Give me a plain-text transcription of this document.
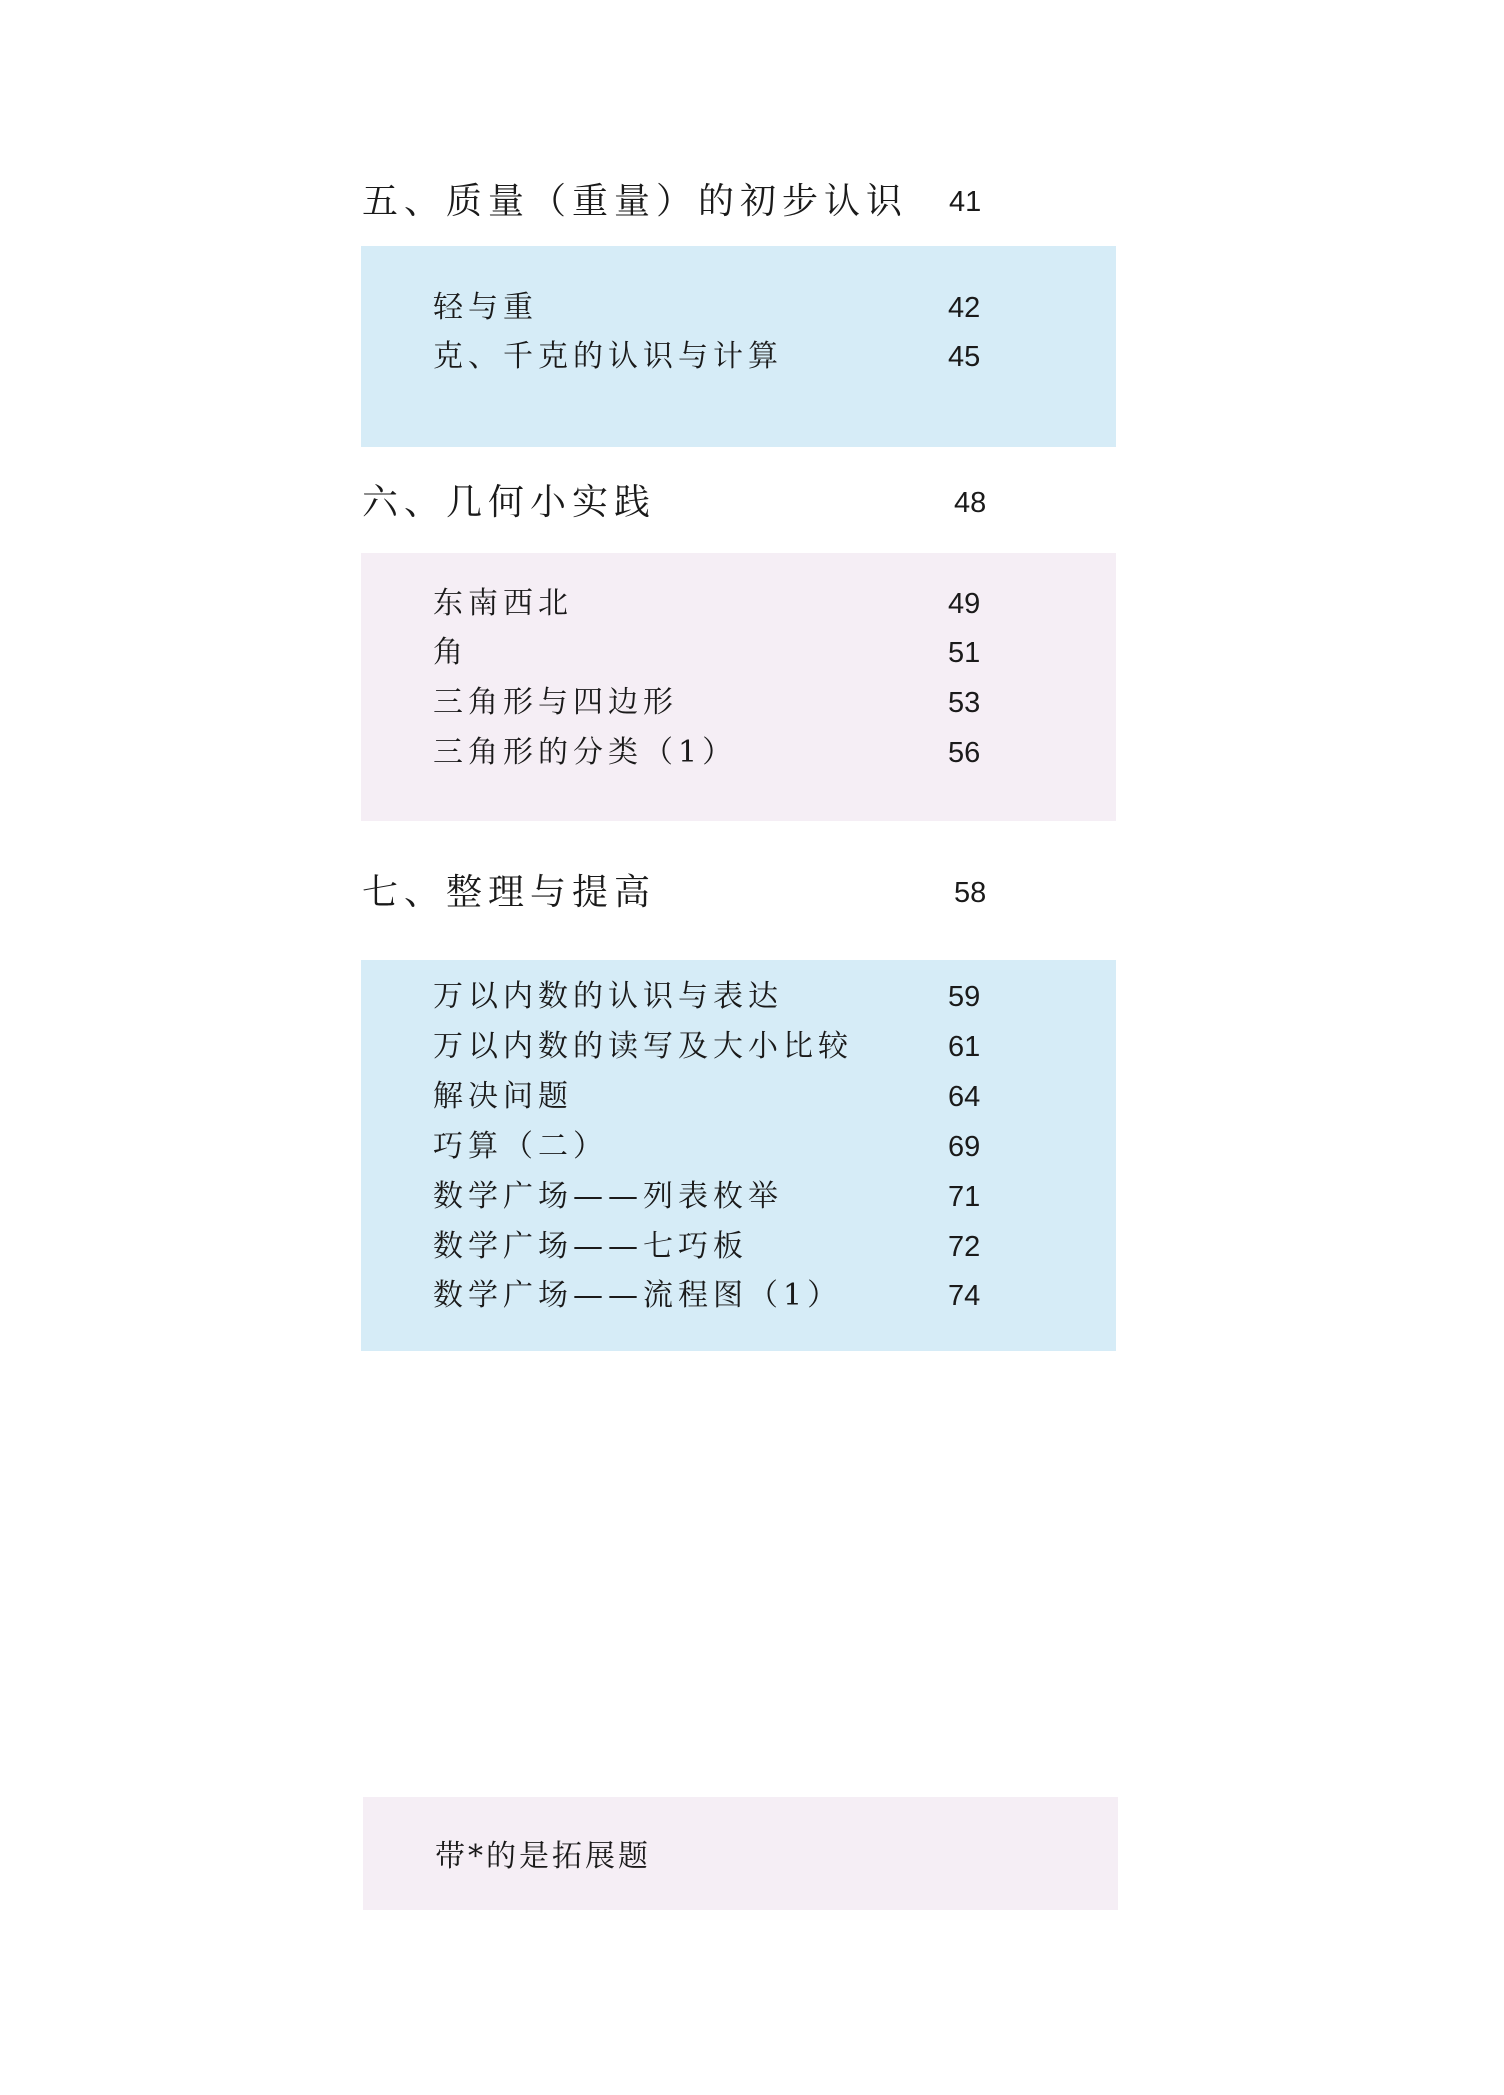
五、质量（重量）的初步认识 41
轻与重	42
克、千克的认识与计算	45
六、几何小实践	48
东南西北	49
角	51
三角形与四边形	53
三角形的分类（1）	56
七、整理与提高	58
万以内数的认识与表达	59
万以内数的读写及大小比较	61
解决问题	64
巧算（二）	69
数学广场——列表枚举	71
数学广场——七巧板	72
数学广场——流程图（1）	74
带*的是拓展题
